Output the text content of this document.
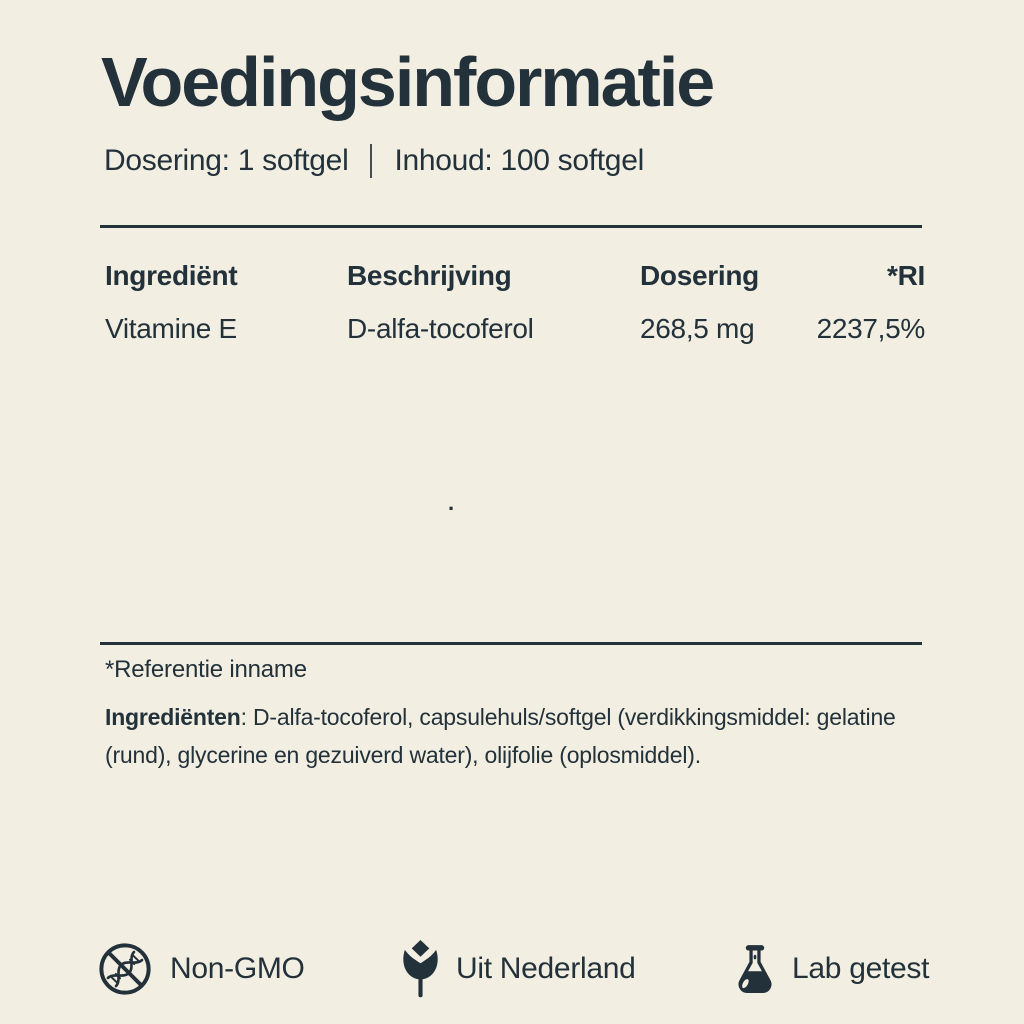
Voedingsinformatie
Dosering: 1 softgel Inhoud: 100 softgel
Ingrediënt	Beschrijving	Dosering	*RI
Vitamine E	D-alfa-tocoferol	268,5 mg	2237,5%
.
*Referentie inname

Ingrediënten: D-alfa-tocoferol, capsulehuls/softgel (verdikkingsmiddel: gelatine (rund), glycerine en gezuiverd water), olijfolie (oplosmiddel).

Non-GMO	Uit Nederland	Lab getest
